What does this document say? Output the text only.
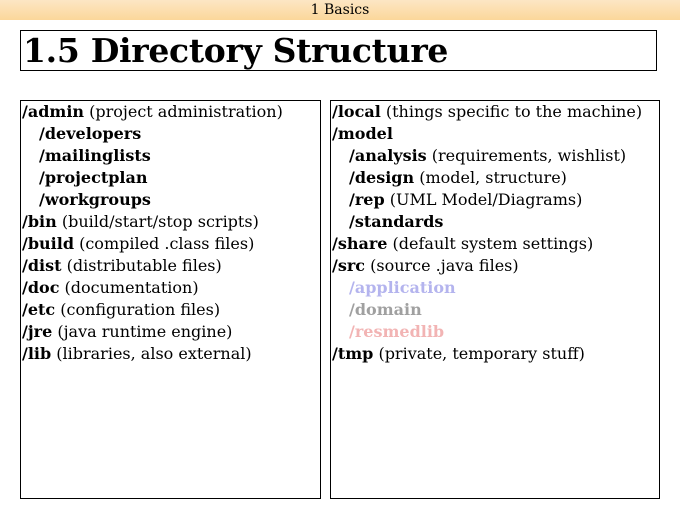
1 Basics
1.5 Directory Structure
/admin (project administration)
/developers
/mailinglists
/projectplan
/workgroups
/bin (build/start/stop scripts)
/build (compiled .class files)
/dist (distributable files)
/doc (documentation)
/etc (configuration files)
/jre (java runtime engine)
/lib (libraries, also external)
/local (things specific to the machine)
/model
/analysis (requirements, wishlist)
/design (model, structure)
/rep (UML Model/Diagrams)
/standards
/share (default system settings)
/src (source .java files)
/application
/domain
/resmedlib
/tmp (private, temporary stuff)
